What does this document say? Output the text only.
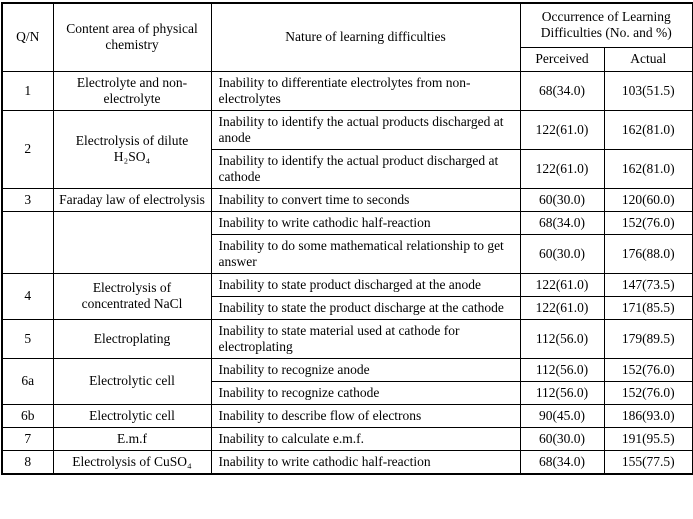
Q/N	Content area of physical chemistry	Nature of learning difficulties	Occurrence of Learning Difficulties (No. and %)	
			Perceived	Actual
1	Electrolyte and non-electrolyte	Inability to differentiate electrolytes from non-electrolytes	68(34.0)	103(51.5)
2	Electrolysis of dilute H₂SO₄	Inability to identify the actual products discharged at anode	122(61.0)	162(81.0)
		Inability to identify the actual product discharged at cathode	122(61.0)	162(81.0)
3	Faraday law of electrolysis	Inability to convert time to seconds	60(30.0)	120(60.0)
		Inability to write cathodic half-reaction	68(34.0)	152(76.0)
		Inability to do some mathematical relationship to get answer	60(30.0)	176(88.0)
4	Electrolysis of concentrated NaCl	Inability to state product discharged at the anode	122(61.0)	147(73.5)
		Inability to state the product discharge at the cathode	122(61.0)	171(85.5)
5	Electroplating	Inability to state material used at cathode for electroplating	112(56.0)	179(89.5)
6a	Electrolytic cell	Inability to recognize anode	112(56.0)	152(76.0)
		Inability to recognize cathode	112(56.0)	152(76.0)
6b	Electrolytic cell	Inability to describe flow of electrons	90(45.0)	186(93.0)
7	E.m.f	Inability to calculate e.m.f.	60(30.0)	191(95.5)
8	Electrolysis of CuSO₄	Inability to write cathodic half-reaction	68(34.0)	155(77.5)
